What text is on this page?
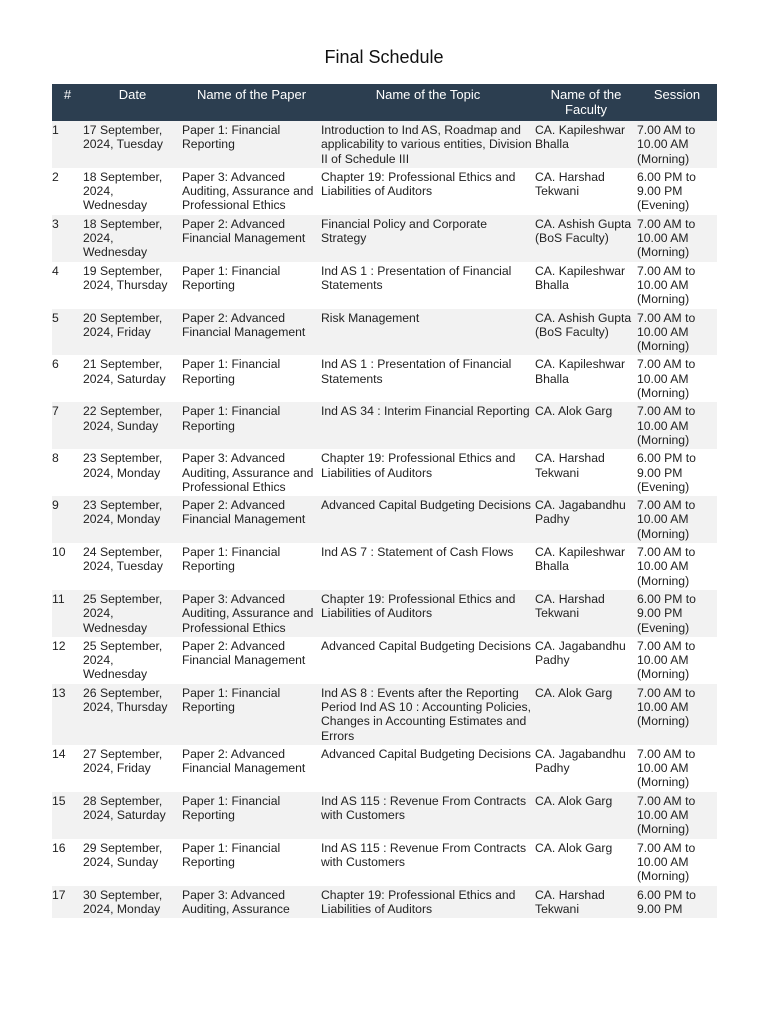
Final Schedule
#	Date	Name of the Paper	Name of the Topic	Name of the Faculty	Session
1	17 September, 2024, Tuesday	Paper 1: Financial Reporting	Introduction to Ind AS, Roadmap and applicability to various entities, Division II of Schedule III	CA. Kapileshwar Bhalla	7.00 AM to 10.00 AM (Morning)
2	18 September, 2024, Wednesday	Paper 3: Advanced Auditing, Assurance and Professional Ethics	Chapter 19: Professional Ethics and Liabilities of Auditors	CA. Harshad Tekwani	6.00 PM to 9.00 PM (Evening)
3	18 September, 2024, Wednesday	Paper 2: Advanced Financial Management	Financial Policy and Corporate Strategy	CA. Ashish Gupta (BoS Faculty)	7.00 AM to 10.00 AM (Morning)
4	19 September, 2024, Thursday	Paper 1: Financial Reporting	Ind AS 1 : Presentation of Financial Statements	CA. Kapileshwar Bhalla	7.00 AM to 10.00 AM (Morning)
5	20 September, 2024, Friday	Paper 2: Advanced Financial Management	Risk Management	CA. Ashish Gupta (BoS Faculty)	7.00 AM to 10.00 AM (Morning)
6	21 September, 2024, Saturday	Paper 1: Financial Reporting	Ind AS 1 : Presentation of Financial Statements	CA. Kapileshwar Bhalla	7.00 AM to 10.00 AM (Morning)
7	22 September, 2024, Sunday	Paper 1: Financial Reporting	Ind AS 34 : Interim Financial Reporting	CA. Alok Garg	7.00 AM to 10.00 AM (Morning)
8	23 September, 2024, Monday	Paper 3: Advanced Auditing, Assurance and Professional Ethics	Chapter 19: Professional Ethics and Liabilities of Auditors	CA. Harshad Tekwani	6.00 PM to 9.00 PM (Evening)
9	23 September, 2024, Monday	Paper 2: Advanced Financial Management	Advanced Capital Budgeting Decisions	CA. Jagabandhu Padhy	7.00 AM to 10.00 AM (Morning)
10	24 September, 2024, Tuesday	Paper 1: Financial Reporting	Ind AS 7 : Statement of Cash Flows	CA. Kapileshwar Bhalla	7.00 AM to 10.00 AM (Morning)
11	25 September, 2024, Wednesday	Paper 3: Advanced Auditing, Assurance and Professional Ethics	Chapter 19: Professional Ethics and Liabilities of Auditors	CA. Harshad Tekwani	6.00 PM to 9.00 PM (Evening)
12	25 September, 2024, Wednesday	Paper 2: Advanced Financial Management	Advanced Capital Budgeting Decisions	CA. Jagabandhu Padhy	7.00 AM to 10.00 AM (Morning)
13	26 September, 2024, Thursday	Paper 1: Financial Reporting	Ind AS 8 : Events after the Reporting Period Ind AS 10 : Accounting Policies, Changes in Accounting Estimates and Errors	CA. Alok Garg	7.00 AM to 10.00 AM (Morning)
14	27 September, 2024, Friday	Paper 2: Advanced Financial Management	Advanced Capital Budgeting Decisions	CA. Jagabandhu Padhy	7.00 AM to 10.00 AM (Morning)
15	28 September, 2024, Saturday	Paper 1: Financial Reporting	Ind AS 115 : Revenue From Contracts with Customers	CA. Alok Garg	7.00 AM to 10.00 AM (Morning)
16	29 September, 2024, Sunday	Paper 1: Financial Reporting	Ind AS 115 : Revenue From Contracts with Customers	CA. Alok Garg	7.00 AM to 10.00 AM (Morning)
17	30 September, 2024, Monday	Paper 3: Advanced Auditing, Assurance	Chapter 19: Professional Ethics and Liabilities of Auditors	CA. Harshad Tekwani	6.00 PM to 9.00 PM
